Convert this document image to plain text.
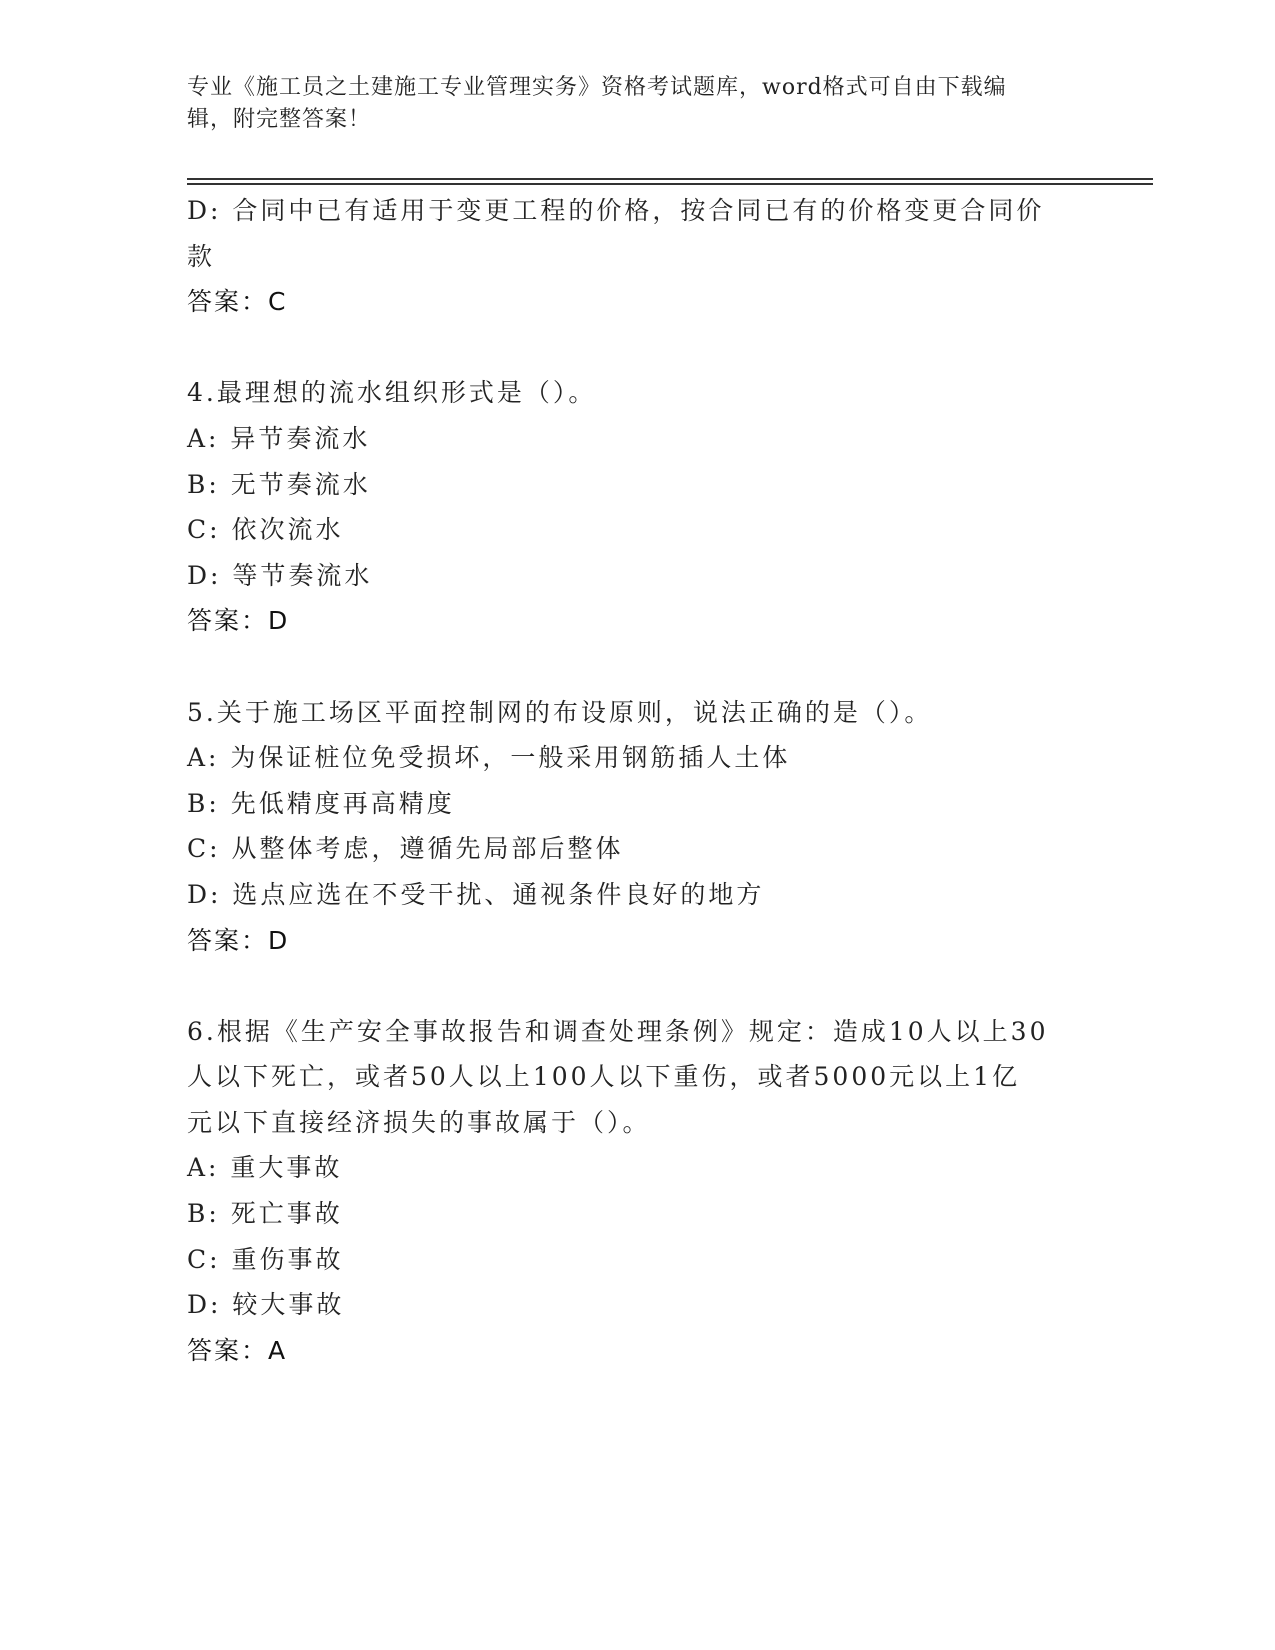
专业《施工员之土建施工专业管理实务》资格考试题库，word格式可自由下载编
辑，附完整答案！
D: 合同中已有适用于变更工程的价格，按合同已有的价格变更合同价
款
答案：C
4.最理想的流水组织形式是（）。
A: 异节奏流水
B: 无节奏流水
C: 依次流水
D: 等节奏流水
答案：D
5.关于施工场区平面控制网的布设原则，说法正确的是（）。
A: 为保证桩位免受损坏，一般采用钢筋插人土体
B: 先低精度再高精度
C: 从整体考虑，遵循先局部后整体
D: 选点应选在不受干扰、通视条件良好的地方
答案：D
6.根据《生产安全事故报告和调查处理条例》规定：造成10人以上30
人以下死亡，或者50人以上100人以下重伤，或者5000元以上1亿
元以下直接经济损失的事故属于（）。
A: 重大事故
B: 死亡事故
C: 重伤事故
D: 较大事故
答案：A
